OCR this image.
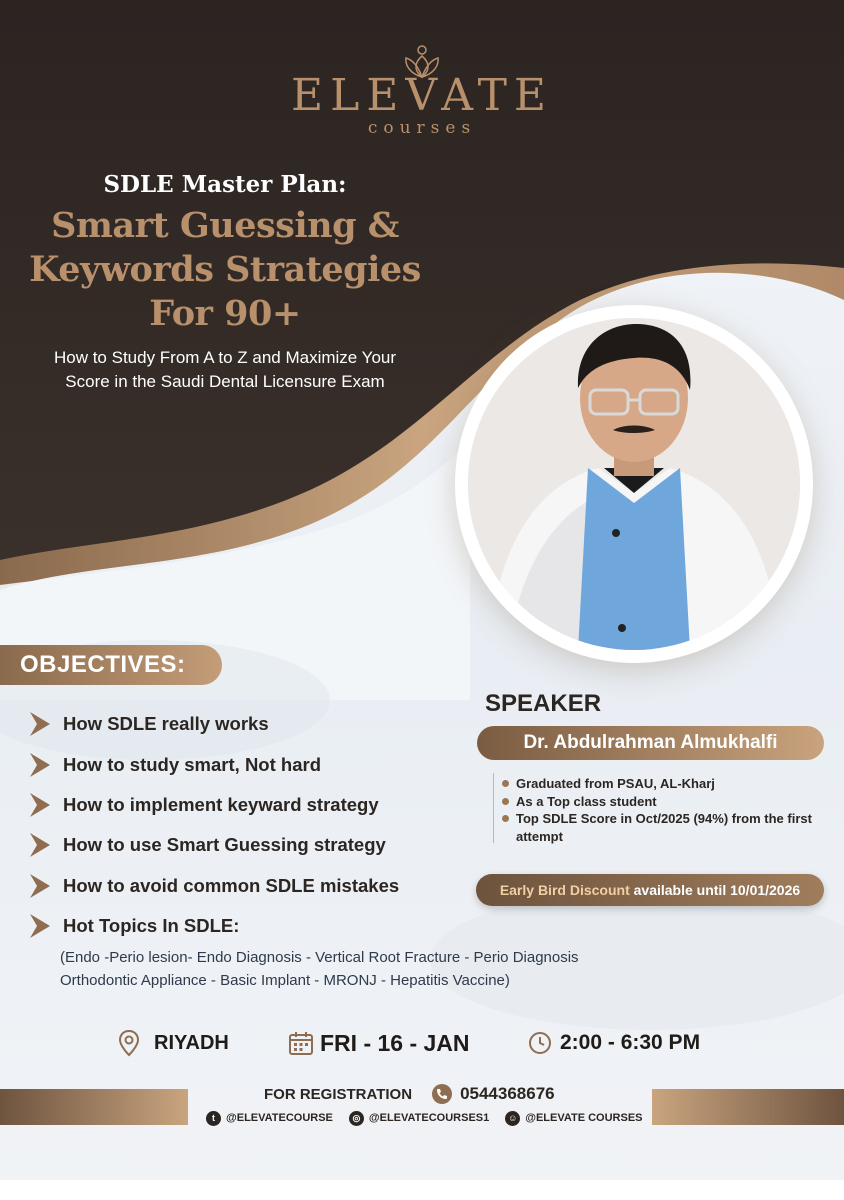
ELEVATE
courses
SDLE Master Plan:
Smart Guessing &
Keywords Strategies
For 90+
How to Study From A to Z and Maximize Your
Score in the Saudi Dental Licensure Exam
OBJECTIVES:
How SDLE really works
How to study smart, Not hard
How to implement keyward strategy
How to use Smart Guessing strategy
How to avoid common SDLE mistakes
Hot Topics In SDLE:
(Endo -Perio lesion- Endo Diagnosis - Vertical Root Fracture - Perio Diagnosis
Orthodontic Appliance - Basic Implant - MRONJ - Hepatitis Vaccine)
SPEAKER
Dr. Abdulrahman Almukhalfi
Graduated from PSAU, AL-Kharj
As a Top class student
Top SDLE Score in Oct/2025 (94%) from the first attempt
Early Bird Discount available until 10/01/2026
RIYADH	FRI - 16 - JAN	2:00 - 6:30 PM
FOR REGISTRATION	0544368676
t	@ELEVATECOURSE	◎ @ELEVATECOURSES1	☺ @ELEVATE COURSES
